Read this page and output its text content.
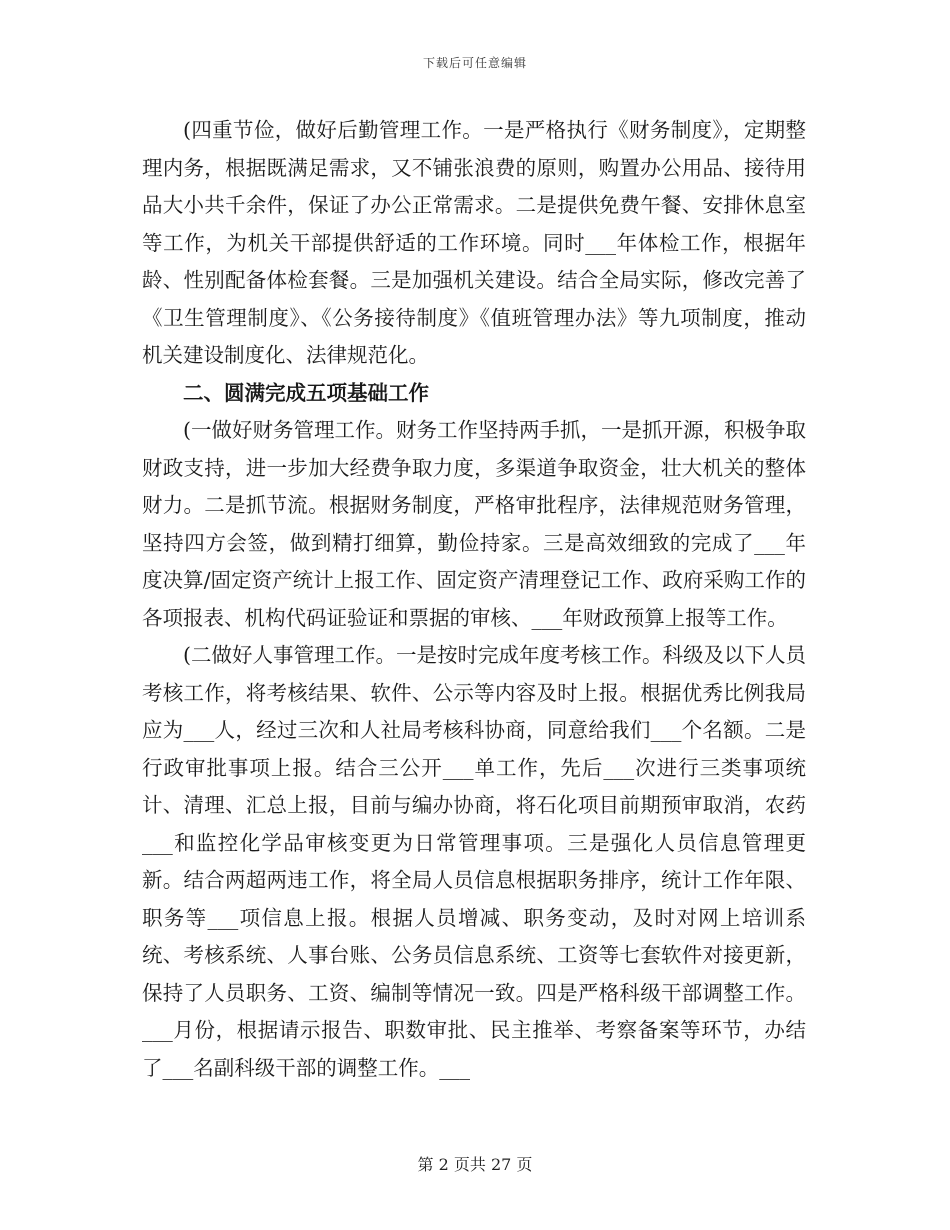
下载后可任意编辑

(四重节俭，做好后勤管理工作。一是严格执行《财务制度》，定期整理内务，根据既满足需求，又不铺张浪费的原则，购置办公用品、接待用品大小共千余件，保证了办公正常需求。二是提供免费午餐、安排休息室等工作，为机关干部提供舒适的工作环境。同时___年体检工作，根据年龄、性别配备体检套餐。三是加强机关建设。结合全局实际，修改完善了《卫生管理制度》、《公务接待制度》《值班管理办法》等九项制度，推动机关建设制度化、法律规范化。

二、圆满完成五项基础工作

(一做好财务管理工作。财务工作坚持两手抓，一是抓开源，积极争取财政支持，进一步加大经费争取力度，多渠道争取资金，壮大机关的整体财力。二是抓节流。根据财务制度，严格审批程序，法律规范财务管理，坚持四方会签，做到精打细算，勤俭持家。三是高效细致的完成了___年度决算/固定资产统计上报工作、固定资产清理登记工作、政府采购工作的各项报表、机构代码证验证和票据的审核、___年财政预算上报等工作。

(二做好人事管理工作。一是按时完成年度考核工作。科级及以下人员考核工作，将考核结果、软件、公示等内容及时上报。根据优秀比例我局应为___人，经过三次和人社局考核科协商，同意给我们___个名额。二是行政审批事项上报。结合三公开___单工作，先后___次进行三类事项统计、清理、汇总上报，目前与编办协商，将石化项目前期预审取消，农药___和监控化学品审核变更为日常管理事项。三是强化人员信息管理更新。结合两超两违工作，将全局人员信息根据职务排序，统计工作年限、职务等___项信息上报。根据人员增减、职务变动，及时对网上培训系统、考核系统、人事台账、公务员信息系统、工资等七套软件对接更新，保持了人员职务、工资、编制等情况一致。四是严格科级干部调整工作。___月份，根据请示报告、职数审批、民主推举、考察备案等环节，办结了___名副科级干部的调整工作。___

第 2 页共 27 页
